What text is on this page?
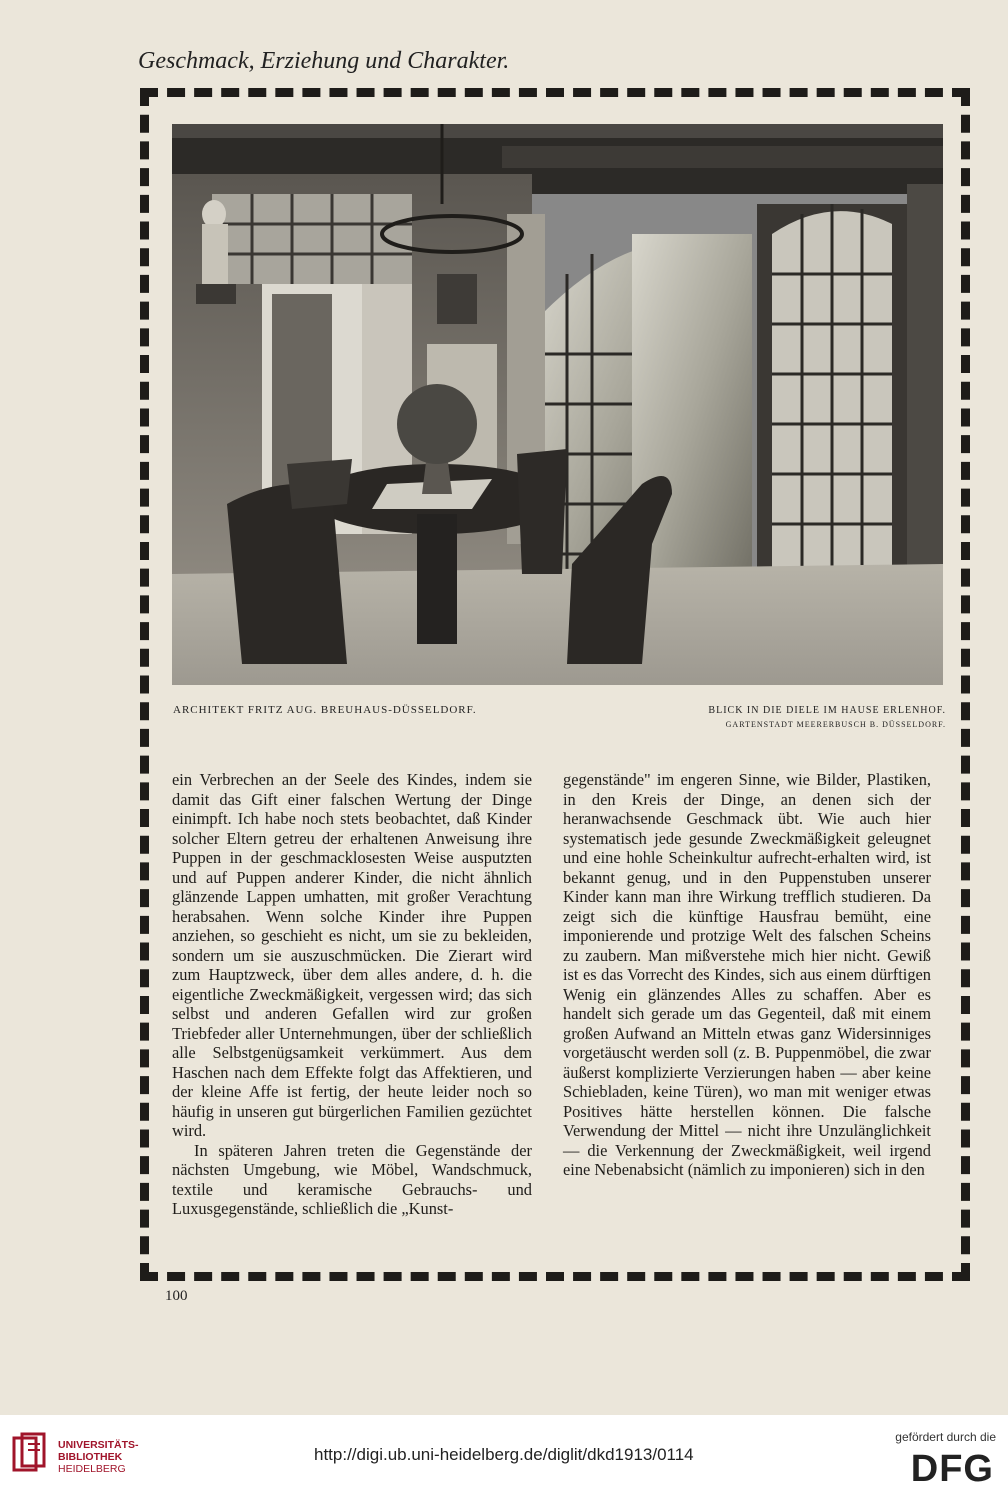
Geschmack, Erziehung und Charakter.
ARCHITEKT FRITZ AUG. BREUHAUS-DÜSSELDORF.	BLICK IN DIE DIELE IM HAUSE ERLENHOF.
GARTENSTADT MEERERBUSCH B. DÜSSELDORF.

ein Verbrechen an der Seele des Kindes, indem sie damit das Gift einer falschen Wertung der Dinge einimpft. Ich habe noch stets beobachtet, daß Kinder solcher Eltern getreu der erhaltenen Anweisung ihre Puppen in der geschmacklosesten Weise ausputzten und auf Puppen anderer Kinder, die nicht ähnlich glänzende Lappen umhatten, mit großer Verachtung herabsahen. Wenn solche Kinder ihre Puppen anziehen, so geschieht es nicht, um sie zu bekleiden, sondern um sie auszuschmücken. Die Zierart wird zum Hauptzweck, über dem alles andere, d. h. die eigentliche Zweckmäßigkeit, vergessen wird; das sich selbst und anderen Gefallen wird zur großen Triebfeder aller Unternehmungen, über der schließlich alle Selbstgenügsamkeit verkümmert. Aus dem Haschen nach dem Effekte folgt das Affektieren, und der kleine Affe ist fertig, der heute leider noch so häufig in unseren gut bürgerlichen Familien gezüchtet wird.

In späteren Jahren treten die Gegenstände der nächsten Umgebung, wie Möbel, Wandschmuck, textile und keramische Gebrauchs- und Luxusgegenstände, schließlich die „Kunst-

gegenstände" im engeren Sinne, wie Bilder, Plastiken, in den Kreis der Dinge, an denen sich der heranwachsende Geschmack übt. Wie auch hier systematisch jede gesunde Zweckmäßigkeit geleugnet und eine hohle Scheinkultur aufrecht-erhalten wird, ist bekannt genug, und in den Puppenstuben unserer Kinder kann man ihre Wirkung trefflich studieren. Da zeigt sich die künftige Hausfrau bemüht, eine imponierende und protzige Welt des falschen Scheins zu zaubern. Man mißverstehe mich hier nicht. Gewiß ist es das Vorrecht des Kindes, sich aus einem dürftigen Wenig ein glänzendes Alles zu schaffen. Aber es handelt sich gerade um das Gegenteil, daß mit einem großen Aufwand an Mitteln etwas ganz Widersinniges vorgetäuscht werden soll (z. B. Puppenmöbel, die zwar äußerst komplizierte Verzierungen haben — aber keine Schiebladen, keine Türen), wo man mit weniger etwas Positives hätte herstellen können. Die falsche Verwendung der Mittel — nicht ihre Unzulänglichkeit — die Verkennung der Zweckmäßigkeit, weil irgend eine Nebenabsicht (nämlich zu imponieren) sich in den

100
UNIVERSITÄTS-
BIBLIOTHEK
HEIDELBERG
http://digi.ub.uni-heidelberg.de/diglit/dkd1913/0114
gefördert durch die
DFG
